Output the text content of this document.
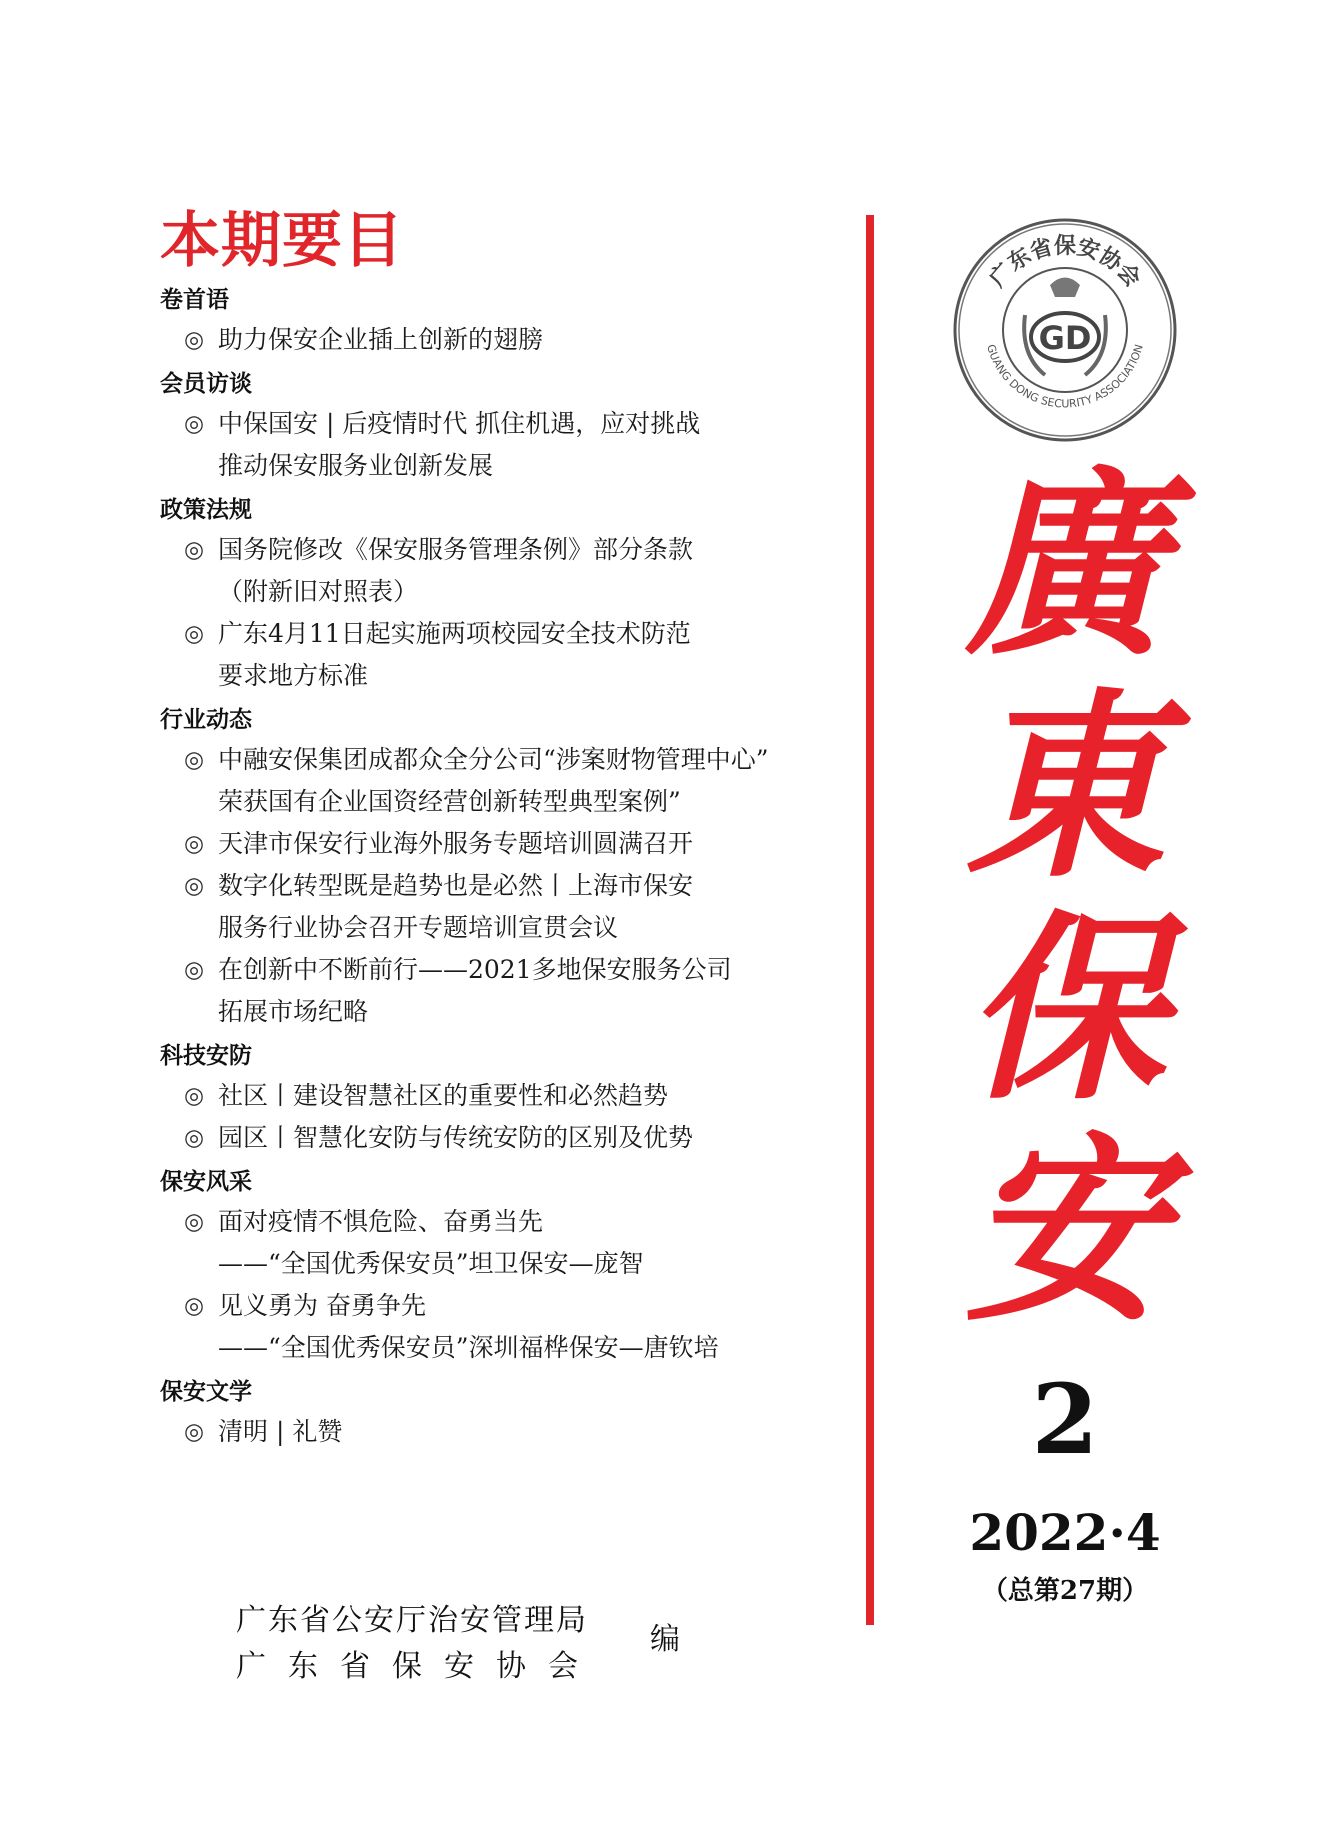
本期要目
卷首语
◎ 助力保安企业插上创新的翅膀
会员访谈
◎ 中保国安 | 后疫情时代 抓住机遇，应对挑战
推动保安服务业创新发展
政策法规
◎ 国务院修改《保安服务管理条例》部分条款
（附新旧对照表）
◎ 广东4月11日起实施两项校园安全技术防范
要求地方标准
行业动态
◎ 中融安保集团成都众全分公司“涉案财物管理中心”
荣获国有企业国资经营创新转型典型案例”
◎ 天津市保安行业海外服务专题培训圆满召开
◎ 数字化转型既是趋势也是必然丨上海市保安
服务行业协会召开专题培训宣贯会议
◎ 在创新中不断前行——2021多地保安服务公司
拓展市场纪略
科技安防
◎ 社区丨建设智慧社区的重要性和必然趋势
◎ 园区丨智慧化安防与传统安防的区别及优势
保安风采
◎ 面对疫情不惧危险、奋勇当先
——“全国优秀保安员”坦卫保安—庞智
◎ 见义勇为 奋勇争先
——“全国优秀保安员”深圳福桦保安—唐钦培
保安文学
◎ 清明 | 礼赞
广东省保安协会
GUANG DONG SECURITY ASSOCIATION
GD
廣
東
保
安
2
2022·4
（总第27期）
广东省公安厅治安管理局
广东省保安协会
编
